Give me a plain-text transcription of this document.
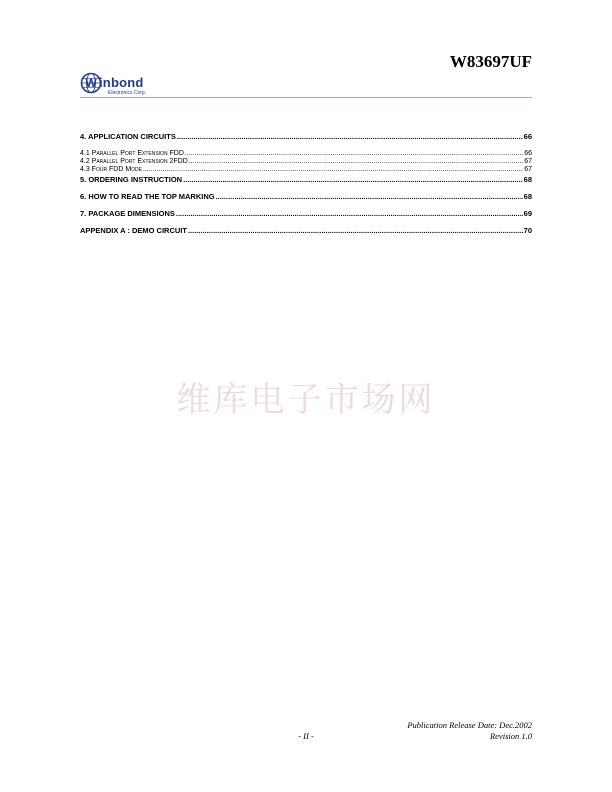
W83697UF
W inbond
Electronics Corp.
4. APPLICATION CIRCUITS .....	66
4.1 Parallel Port Extension FDD .....	66
4.2 Parallel Port Extension 2FDD .....	67
4.3 Four FDD Mode .....	67
5. ORDERING INSTRUCTION .....	68
6. HOW TO READ THE TOP MARKING .....	68
7. PACKAGE DIMENSIONS .....	69
APPENDIX A : DEMO CIRCUIT .....	70
维库电子市场网
Publication Release Date: Dec.2002
Revision 1.0
- II -
